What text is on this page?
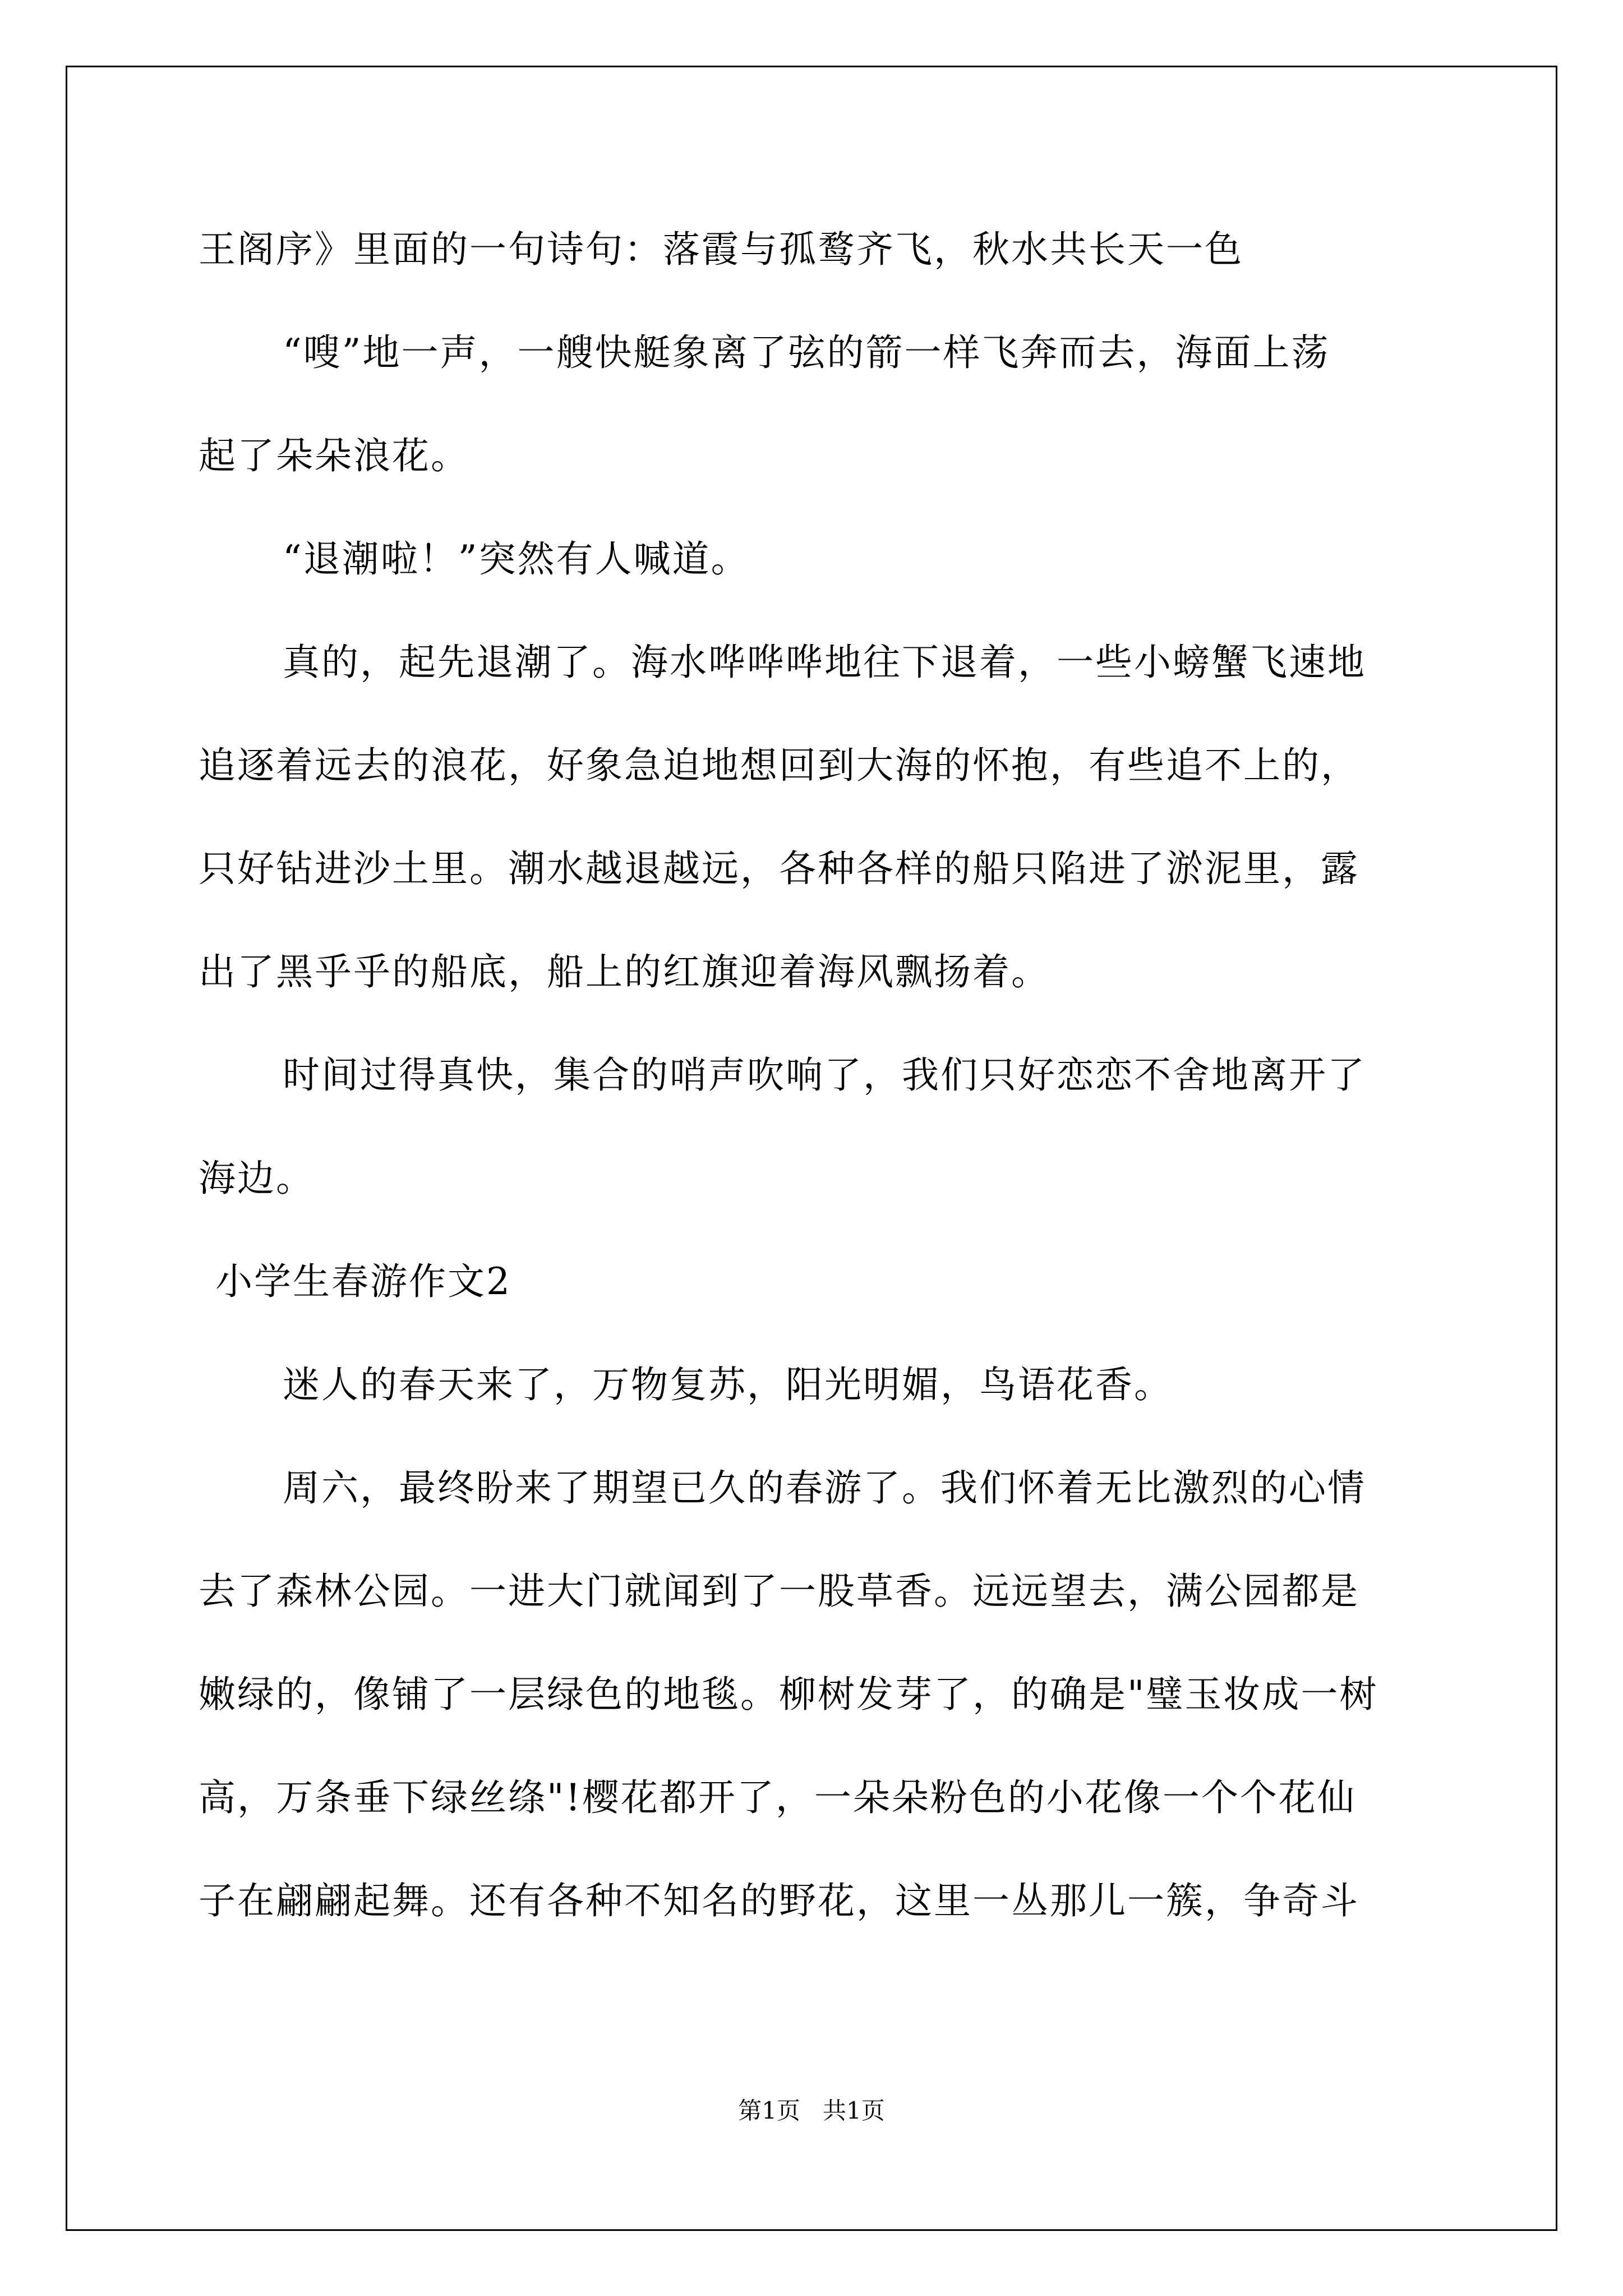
王阁序》里面的一句诗句：落霞与孤鹜齐飞，秋水共长天一色
“嗖”地一声，一艘快艇象离了弦的箭一样飞奔而去，海面上荡
起了朵朵浪花。
“退潮啦！”突然有人喊道。
真的，起先退潮了。海水哗哗哗地往下退着，一些小螃蟹飞速地
追逐着远去的浪花，好象急迫地想回到大海的怀抱，有些追不上的，
只好钻进沙土里。潮水越退越远，各种各样的船只陷进了淤泥里，露
出了黑乎乎的船底，船上的红旗迎着海风飘扬着。
时间过得真快，集合的哨声吹响了，我们只好恋恋不舍地离开了
海边。
小学生春游作文2
迷人的春天来了，万物复苏，阳光明媚，鸟语花香。
周六，最终盼来了期望已久的春游了。我们怀着无比激烈的心情
去了森林公园。一进大门就闻到了一股草香。远远望去，满公园都是
嫩绿的，像铺了一层绿色的地毯。柳树发芽了，的确是"璧玉妆成一树
高，万条垂下绿丝绦"!樱花都开了，一朵朵粉色的小花像一个个花仙
子在翩翩起舞。还有各种不知名的野花，这里一丛那儿一簇，争奇斗
第1页   共1页
